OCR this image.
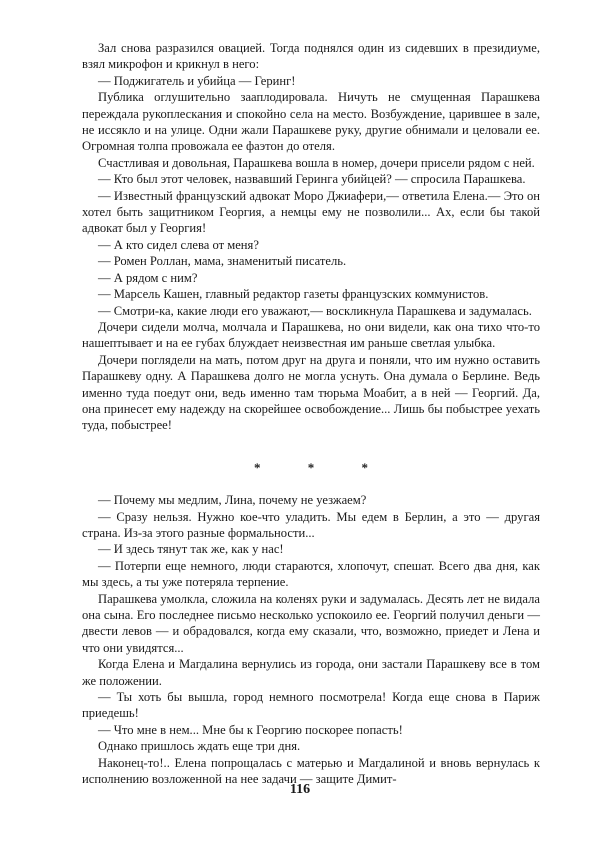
Зал снова разразился овацией. Тогда поднялся один из сидевших в президиуме, взял микрофон и крикнул в него:

— Поджигатель и убийца — Геринг!

Публика оглушительно зааплодировала. Ничуть не смущенная Парашкева переждала рукоплескания и спокойно села на место. Возбуждение, царившее в зале, не иссякло и на улице. Одни жали Парашкеве руку, другие обнимали и целовали ее. Огромная толпа провожала ее фаэтон до отеля.

Счастливая и довольная, Парашкева вошла в номер, дочери присели рядом с ней.

— Кто был этот человек, назвавший Геринга убийцей? — спросила Парашкева.

— Известный французский адвокат Моро Джиафери,— ответила Елена.— Это он хотел быть защитником Георгия, а немцы ему не позволили... Ах, если бы такой адвокат был у Георгия!

— А кто сидел слева от меня?

— Ромен Роллан, мама, знаменитый писатель.

— А рядом с ним?

— Марсель Кашен, главный редактор газеты французских коммунистов.

— Смотри-ка, какие люди его уважают,— воскликнула Парашкева и задумалась.

Дочери сидели молча, молчала и Парашкева, но они видели, как она тихо что-то нашептывает и на ее губах блуждает неизвестная им раньше светлая улыбка.

Дочери поглядели на мать, потом друг на друга и поняли, что им нужно оставить Парашкеву одну. А Парашкева долго не могла уснуть. Она думала о Берлине. Ведь именно туда поедут они, ведь именно там тюрьма Моабит, а в ней — Георгий. Да, она принесет ему надежду на скорейшее освобождение... Лишь бы побыстрее уехать туда, побыстрее!

* * *

— Почему мы медлим, Лина, почему не уезжаем?

— Сразу нельзя. Нужно кое-что уладить. Мы едем в Берлин, а это — другая страна. Из-за этого разные формальности...

— И здесь тянут так же, как у нас!

— Потерпи еще немного, люди стараются, хлопочут, спешат. Всего два дня, как мы здесь, а ты уже потеряла терпение.

Парашкева умолкла, сложила на коленях руки и задумалась. Десять лет не видала она сына. Его последнее письмо несколько успокоило ее. Георгий получил деньги — двести левов — и обрадовался, когда ему сказали, что, возможно, приедет и Лена и что они увидятся...

Когда Елена и Магдалина вернулись из города, они застали Парашкеву все в том же положении.

— Ты хоть бы вышла, город немного посмотрела! Когда еще снова в Париж приедешь!

— Что мне в нем... Мне бы к Георгию поскорее попасть!

Однако пришлось ждать еще три дня.

Наконец-то!.. Елена попрощалась с матерью и Магдалиной и вновь вернулась к исполнению возложенной на нее задачи — защите Димит-

116
